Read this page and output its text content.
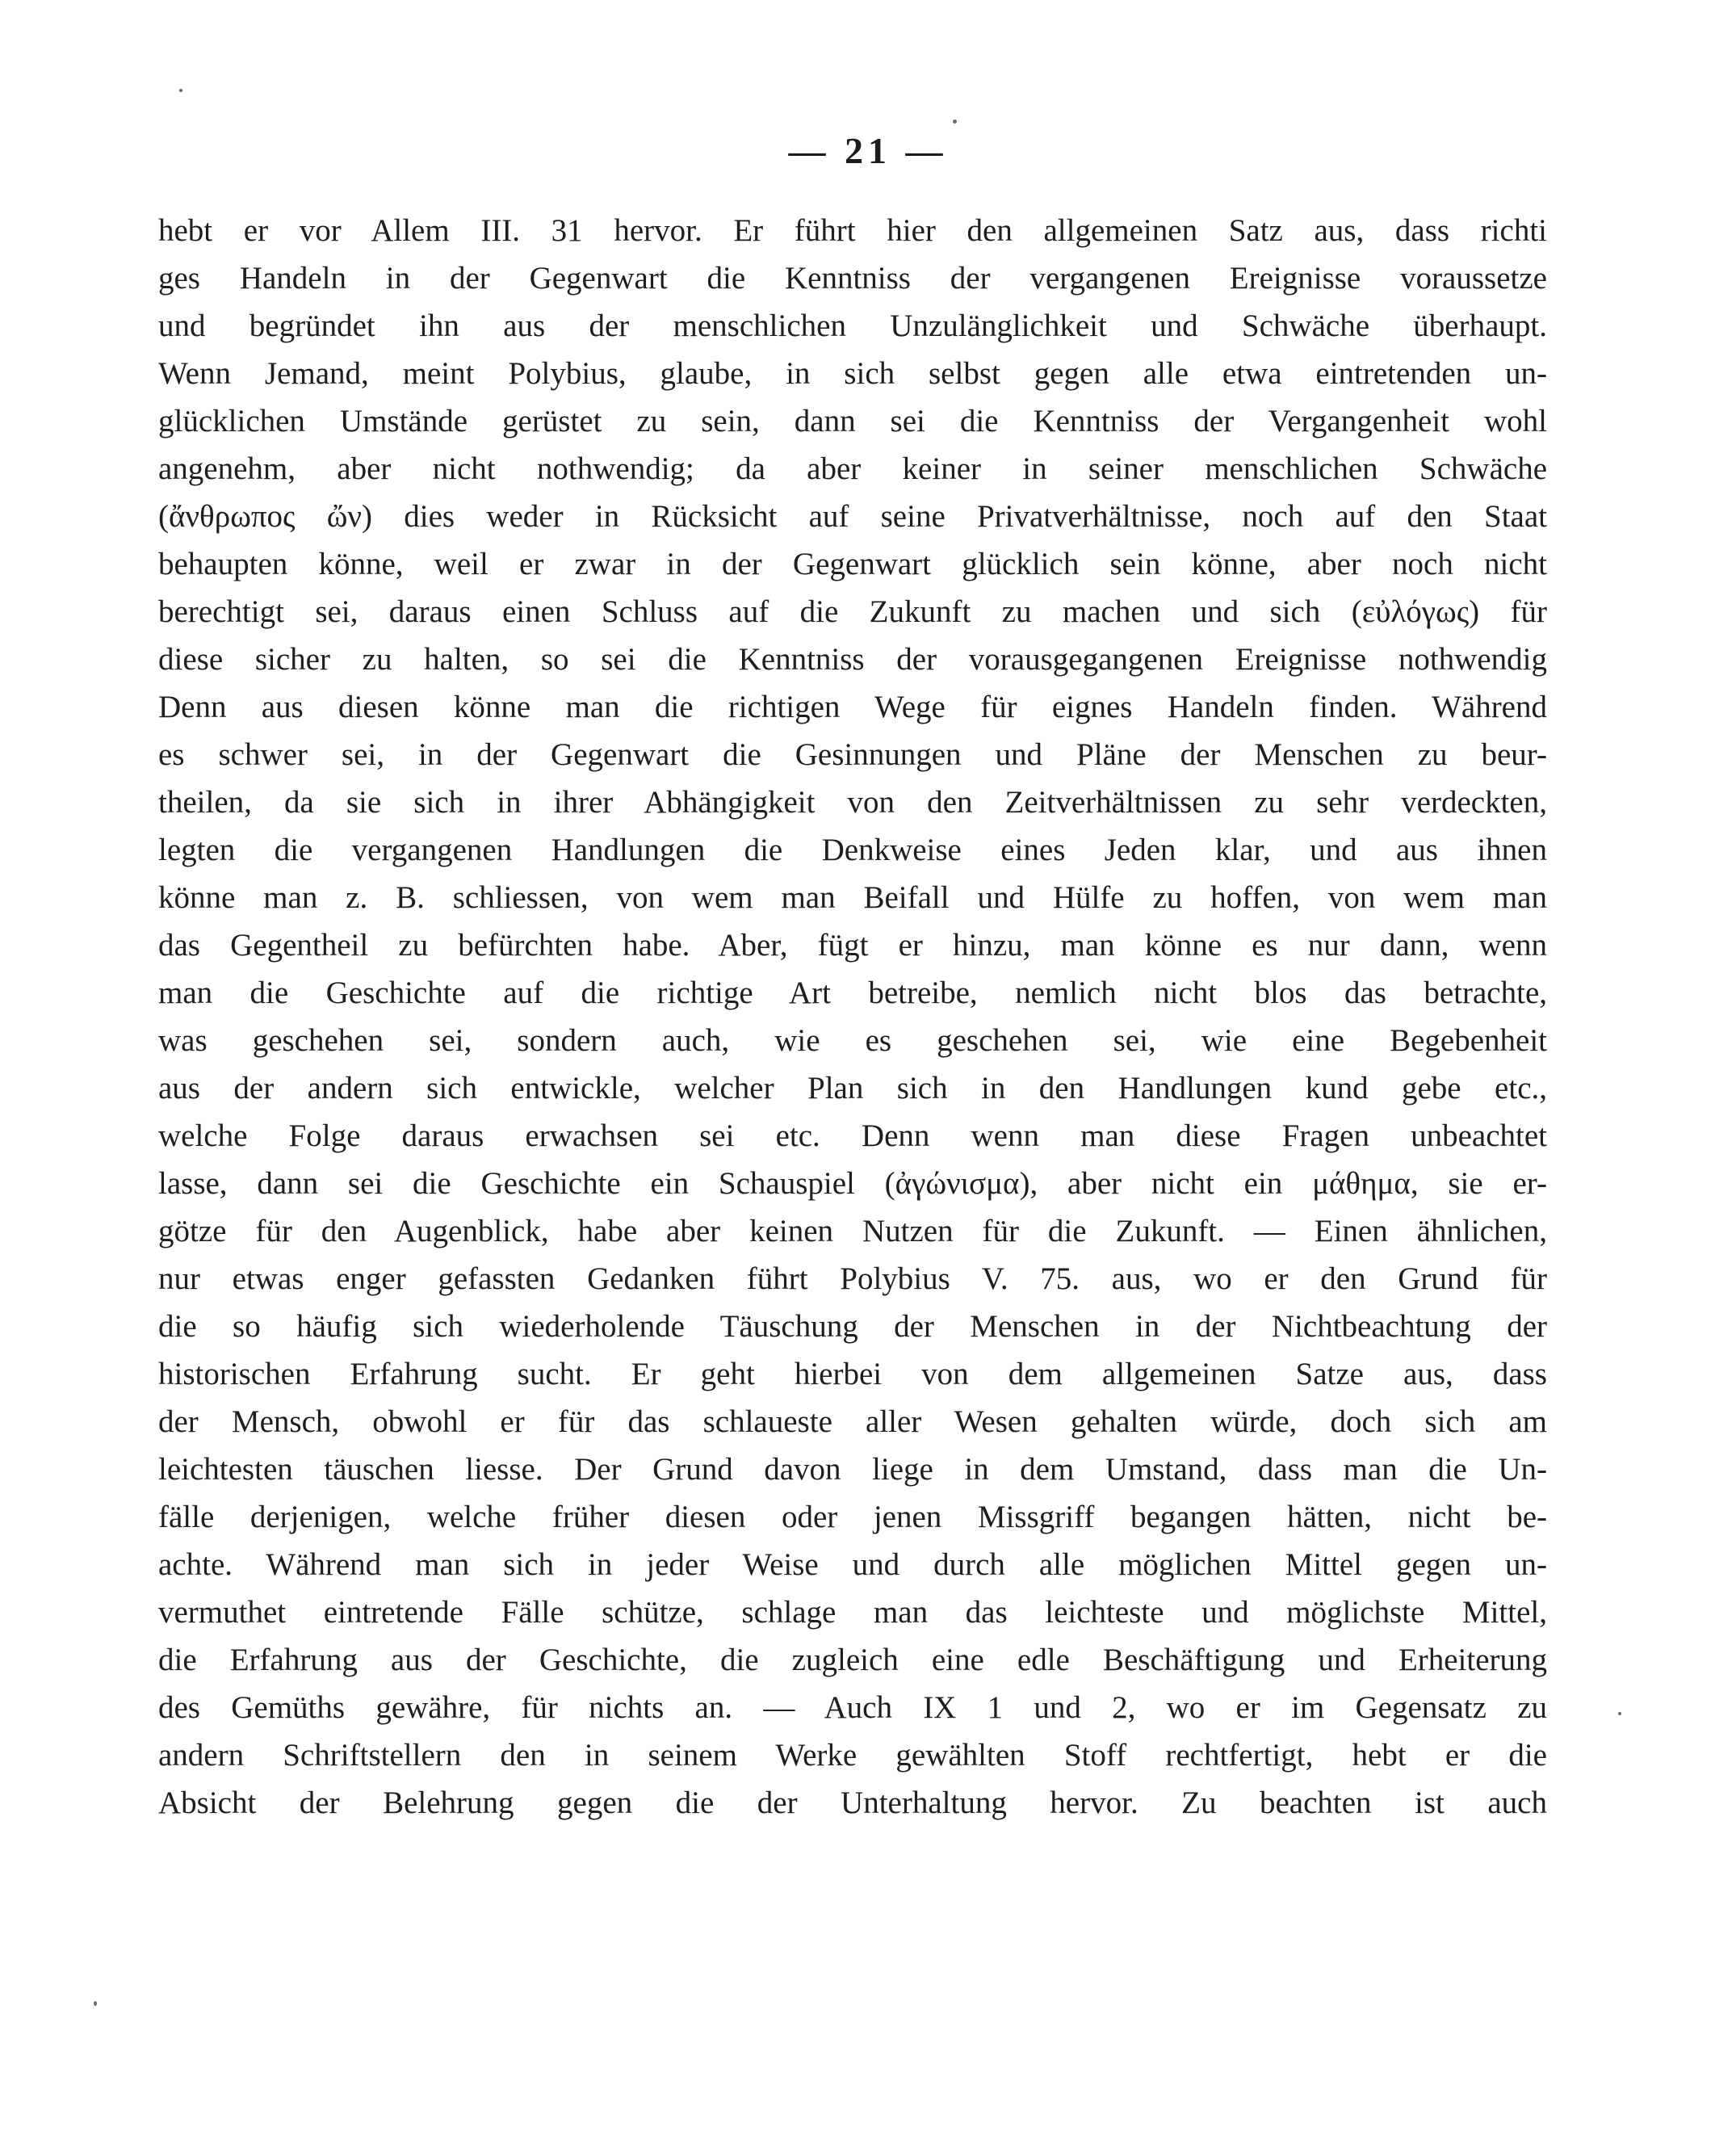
— 21 —
hebt er vor Allem III. 31 hervor. Er führt hier den allgemeinen Satz aus, dass richti
ges Handeln in der Gegenwart die Kenntniss der vergangenen Ereignisse voraussetze
und begründet ihn aus der menschlichen Unzulänglichkeit und Schwäche überhaupt.
Wenn Jemand, meint Polybius, glaube, in sich selbst gegen alle etwa eintretenden un-
glücklichen Umstände gerüstet zu sein, dann sei die Kenntniss der Vergangenheit wohl
angenehm, aber nicht nothwendig; da aber keiner in seiner menschlichen Schwäche
(ἄνθρωπος ὤν) dies weder in Rücksicht auf seine Privatverhältnisse, noch auf den Staat
behaupten könne, weil er zwar in der Gegenwart glücklich sein könne, aber noch nicht
berechtigt sei, daraus einen Schluss auf die Zukunft zu machen und sich (εὐλόγως) für
diese sicher zu halten, so sei die Kenntniss der vorausgegangenen Ereignisse nothwendig
Denn aus diesen könne man die richtigen Wege für eignes Handeln finden. Während
es schwer sei, in der Gegenwart die Gesinnungen und Pläne der Menschen zu beur-
theilen, da sie sich in ihrer Abhängigkeit von den Zeitverhältnissen zu sehr verdeckten,
legten die vergangenen Handlungen die Denkweise eines Jeden klar, und aus ihnen
könne man z. B. schliessen, von wem man Beifall und Hülfe zu hoffen, von wem man
das Gegentheil zu befürchten habe. Aber, fügt er hinzu, man könne es nur dann, wenn
man die Geschichte auf die richtige Art betreibe, nemlich nicht blos das betrachte,
was geschehen sei, sondern auch, wie es geschehen sei, wie eine Begebenheit
aus der andern sich entwickle, welcher Plan sich in den Handlungen kund gebe etc.,
welche Folge daraus erwachsen sei etc. Denn wenn man diese Fragen unbeachtet
lasse, dann sei die Geschichte ein Schauspiel (ἀγώνισμα), aber nicht ein μάθημα, sie er-
götze für den Augenblick, habe aber keinen Nutzen für die Zukunft. — Einen ähnlichen,
nur etwas enger gefassten Gedanken führt Polybius V. 75. aus, wo er den Grund für
die so häufig sich wiederholende Täuschung der Menschen in der Nichtbeachtung der
historischen Erfahrung sucht. Er geht hierbei von dem allgemeinen Satze aus, dass
der Mensch, obwohl er für das schlaueste aller Wesen gehalten würde, doch sich am
leichtesten täuschen liesse. Der Grund davon liege in dem Umstand, dass man die Un-
fälle derjenigen, welche früher diesen oder jenen Missgriff begangen hätten, nicht be-
achte. Während man sich in jeder Weise und durch alle möglichen Mittel gegen un-
vermuthet eintretende Fälle schütze, schlage man das leichteste und möglichste Mittel,
die Erfahrung aus der Geschichte, die zugleich eine edle Beschäftigung und Erheiterung
des Gemüths gewähre, für nichts an. — Auch IX 1 und 2, wo er im Gegensatz zu
andern Schriftstellern den in seinem Werke gewählten Stoff rechtfertigt, hebt er die
Absicht der Belehrung gegen die der Unterhaltung hervor. Zu beachten ist auch
